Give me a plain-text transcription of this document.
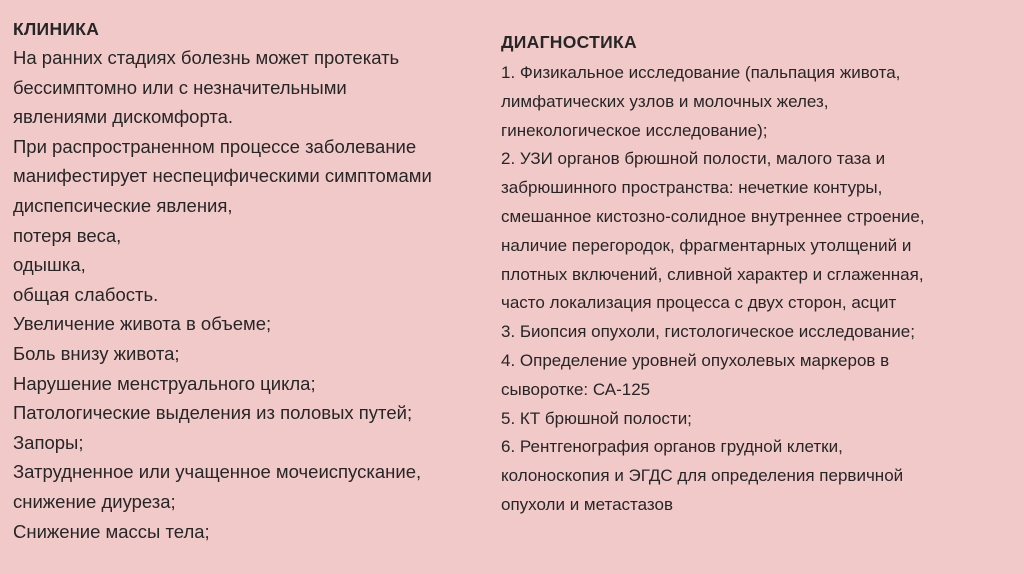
КЛИНИКА
На ранних стадиях болезнь может протекать
бессимптомно или с незначительными
явлениями дискомфорта.
При распространенном процессе заболевание
манифестирует неспецифическими симптомами
диспепсические явления,
потеря веса,
одышка,
общая слабость.
Увеличение живота в объеме;
Боль внизу живота;
Нарушение менструального цикла;
Патологические выделения из половых путей;
Запоры;
Затрудненное или учащенное мочеиспускание,
снижение диуреза;
Снижение массы тела;
ДИАГНОСТИКА
1. Физикальное исследование (пальпация живота,
лимфатических узлов и молочных желез,
гинекологическое исследование);
2. УЗИ органов брюшной полости, малого таза и
забрюшинного пространства: нечеткие контуры,
смешанное кистозно-солидное внутреннее строение,
наличие перегородок, фрагментарных утолщений и
плотных включений, сливной характер и сглаженная,
часто локализация процесса с двух сторон, асцит
3. Биопсия опухоли, гистологическое исследование;
4. Определение уровней опухолевых маркеров в
сыворотке: СА-125
5. КТ брюшной полости;
6. Рентгенография органов грудной клетки,
колоноскопия и ЭГДС для определения первичной
опухоли и метастазов
